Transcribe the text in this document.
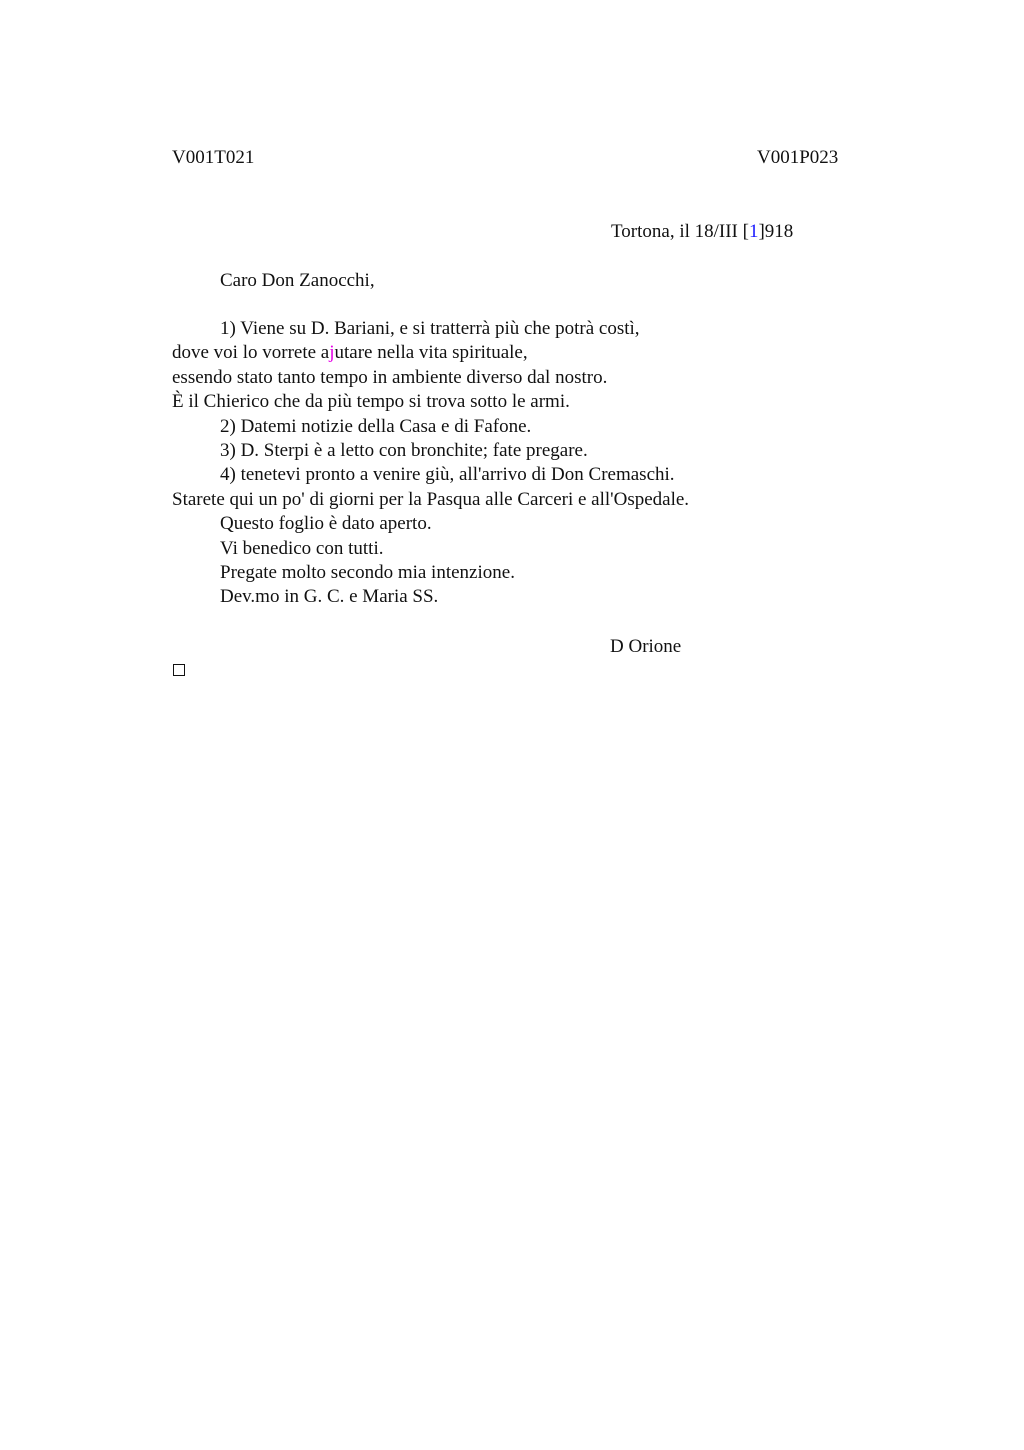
V001T021	V001P023
Tortona, il 18/III [1]918
Caro Don Zanocchi,
1) Viene su D. Bariani, e si tratterrà più che potrà costì,
dove voi lo vorrete ajutare nella vita spirituale,
essendo stato tanto tempo in ambiente diverso dal nostro.
È il Chierico che da più tempo si trova sotto le armi.
2) Datemi notizie della Casa e di Fafone.
3) D. Sterpi è a letto con bronchite; fate pregare.
4) tenetevi pronto a venire giù, all'arrivo di Don Cremaschi.
Starete qui un po' di giorni per la Pasqua alle Carceri e all'Ospedale.
Questo foglio è dato aperto.
Vi benedico con tutti.
Pregate molto secondo mia intenzione.
Dev.mo in G. C. e Maria SS.
D Orione
